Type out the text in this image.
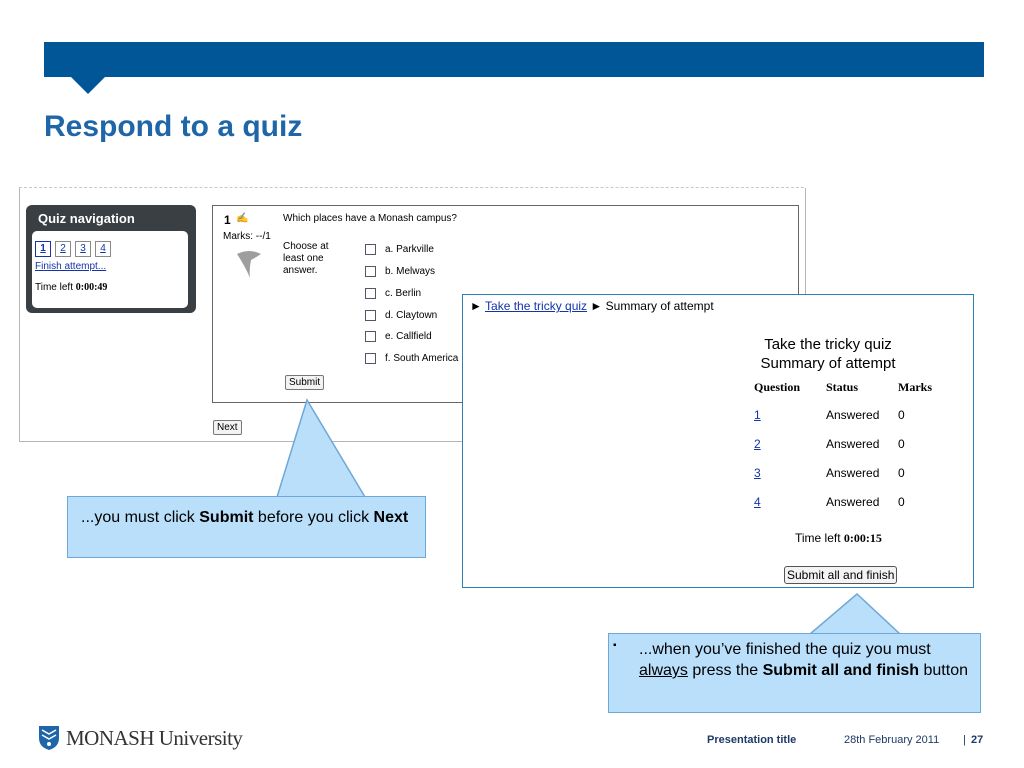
Respond to a quiz
Quiz navigation
1	2	3	4
Finish attempt...
Time left 0:00:49
1 ✍	Which places have a Monash campus?
Marks: --/1
Choose at least one answer.
a. Parkville
b. Melways
c. Berlin
d. Claytown
e. Callfield
f. South America
Submit
Next
...you must click Submit before you click Next
► Take the tricky quiz ► Summary of attempt
Take the tricky quiz
Summary of attempt
Question Status	Marks
1	Answered 0
2	Answered 0
3	Answered 0
4	Answered 0
Time left 0:00:15
Submit all and finish
▪ ...when you’ve finished the quiz you must always press the Submit all and finish button
MONASH University	Presentation title	28th February 2011 | 27
